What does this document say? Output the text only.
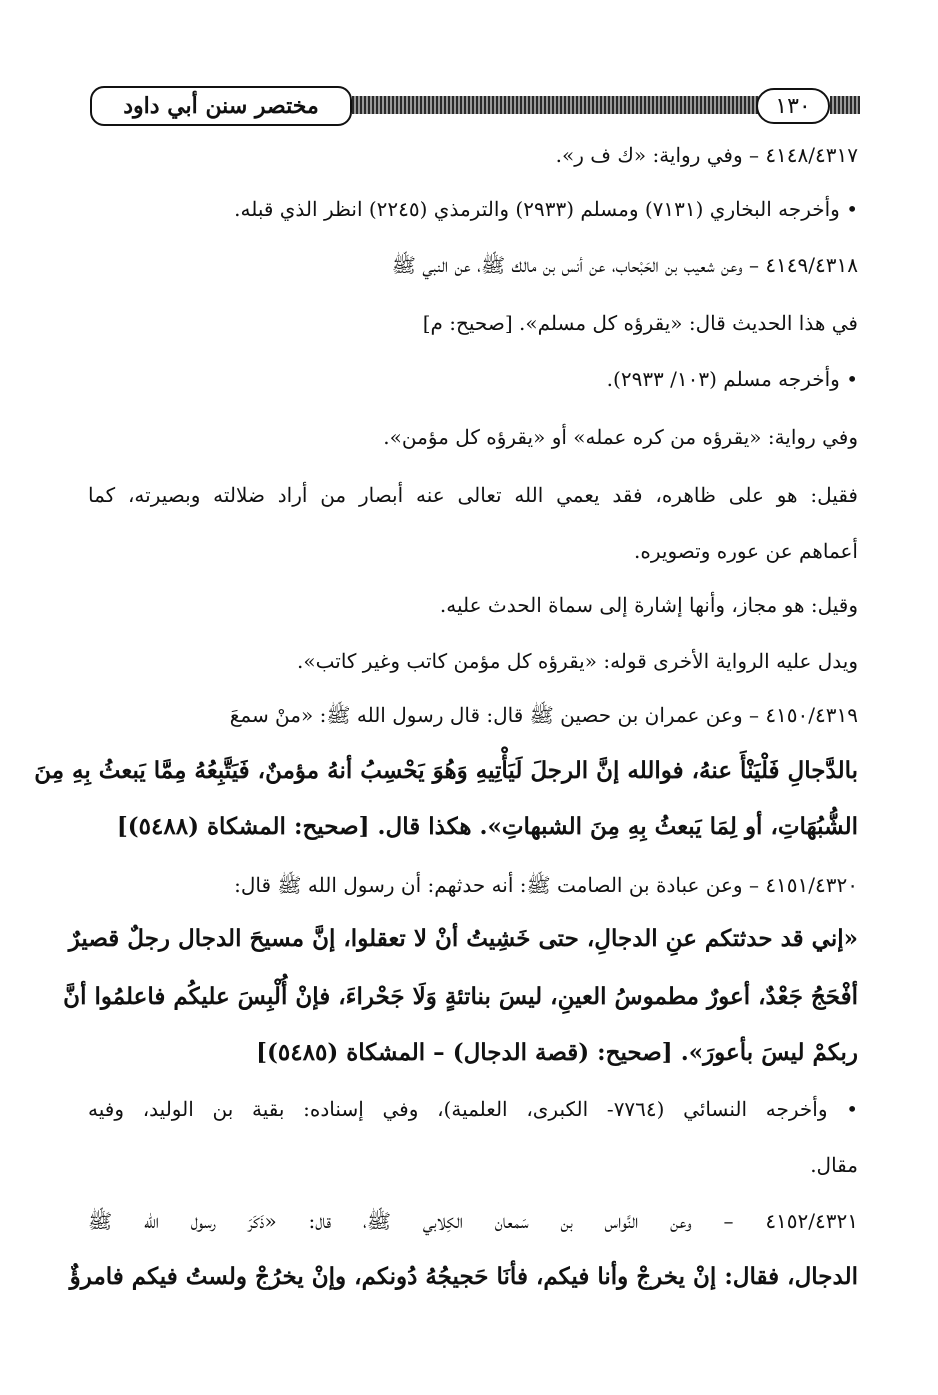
مختصر سنن أبي داود	١٣٠
٤١٤٨/٤٣١٧ – وفي رواية: «ك ف ر».
• وأخرجه البخاري (٧١٣١) ومسلم (٢٩٣٣) والترمذي (٢٢٤٥) انظر الذي قبله.
٤١٤٩/٤٣١٨ – وعن شعيب بن الحَبْحاب، عن أنس بن مالك ﷺ، عن النبي ﷺ
في هذا الحديث قال: «يقرؤه كل مسلم». [صحيح: م]
• وأخرجه مسلم (١٠٣/ ٢٩٣٣).
وفي رواية: «يقرؤه من كره عمله» أو «يقرؤه كل مؤمن».
فقيل: هو على ظاهره، فقد يعمي الله تعالى عنه أبصار من أراد ضلالته وبصيرته، كما
أعماهم عن عوره وتصويره.
وقيل: هو مجاز، وأنها إشارة إلى سماة الحدث عليه.
ويدل عليه الرواية الأخرى قوله: «يقرؤه كل مؤمن كاتب وغير كاتب».
٤١٥٠/٤٣١٩ – وعن عمران بن حصين ﷺ قال: قال رسول الله ﷺ: «منْ سمعَ
بالدَّجالِ فَلْيَنْأَ عنهُ، فوالله إنَّ الرجلَ لَيَأْتِيهِ وَهُوَ يَحْسِبُ أنهُ مؤمنٌ، فَيَتَّبِعُهُ مِمَّا يَبعثُ بِهِ مِنَ
الشُّبُهَاتِ، أو لِمَا يَبعثُ بِهِ مِنَ الشبهاتِ». هكذا قال. [صحيح: المشكاة (٥٤٨٨)]
٤١٥١/٤٣٢٠ – وعن عبادة بن الصامت ﷺ: أنه حدثهم: أن رسول الله ﷺ قال:
«إني قد حدثتكم عنِ الدجالِ، حتى خَشِيتُ أنْ لا تعقلوا، إنَّ مسيحَ الدجال رجلٌ قصيرٌ
أفْحَجُ جَعْدٌ، أعورٌ مطموسُ العينِ، ليسَ بناتئةٍ وَلَا جَحْراءَ، فإنْ أُلْبِسَ عليكُم فاعلمُوا أنَّ
ربكمْ ليسَ بأعورَ». [صحيح: (قصة الدجال) – المشكاة (٥٤٨٥)]
• وأخرجه النسائي (٧٧٦٤- الكبرى، العلمية)، وفي إسناده: بقية بن الوليد، وفيه
مقال.
٤١٥٢/٤٣٢١ – وعن النَّواس بن سَمعان الكِلابي ﷺ، قال: «ذَكَرَ رسول الله ﷺ
الدجال، فقال: إنْ يخرجْ وأنا فيكم، فأنَا حَجيجُهُ دُونكم، وإنْ يخرُجْ ولستُ فيكم فامرؤٌ
